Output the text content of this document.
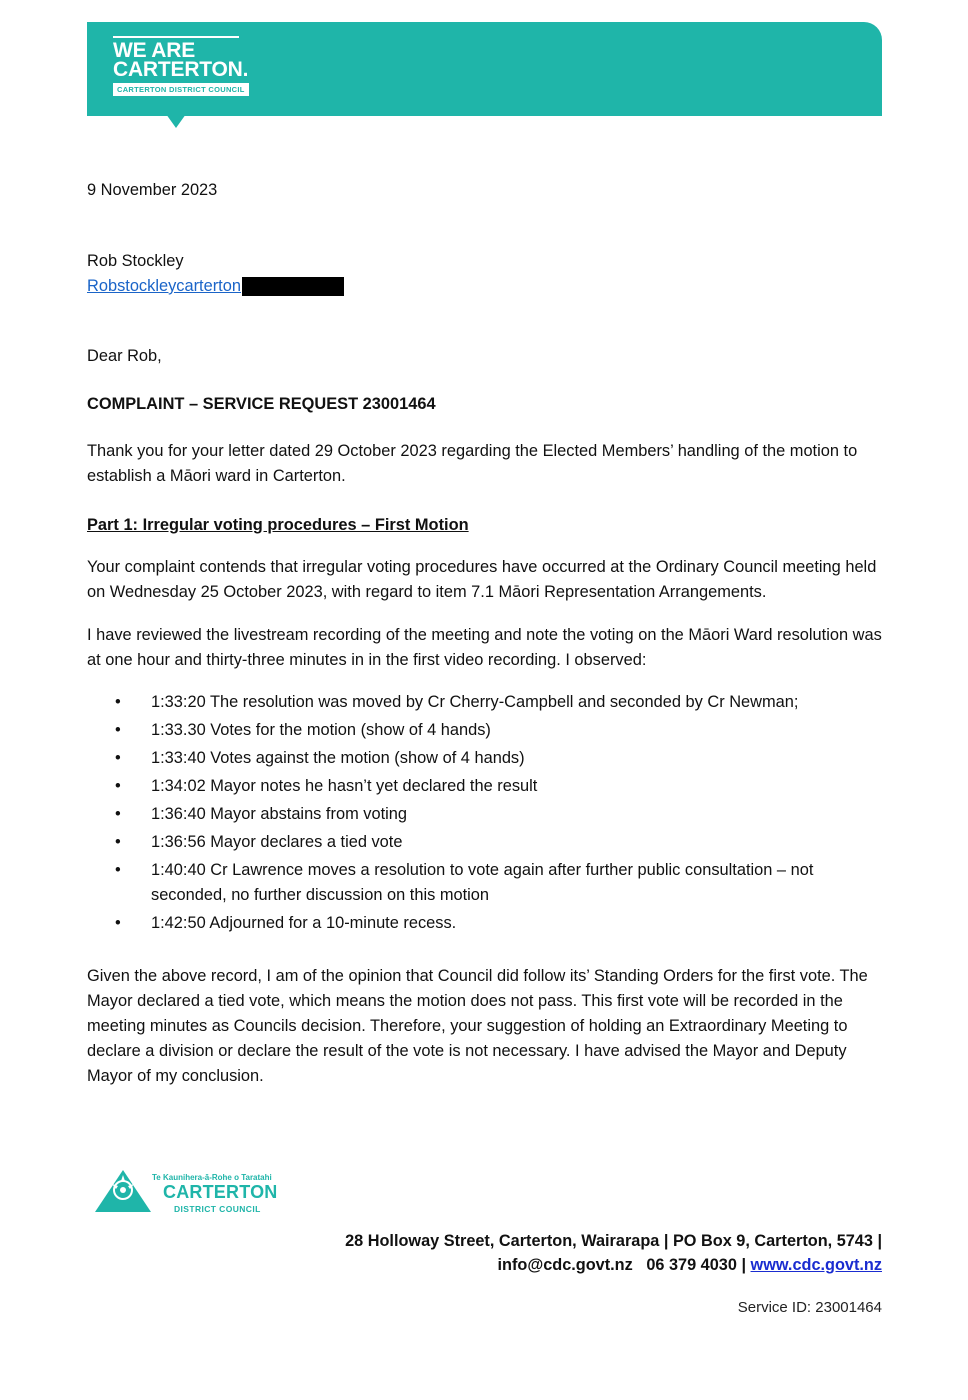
WE ARE
CARTERTON.
CARTERTON DISTRICT COUNCIL

9 November 2023

Rob Stockley

Robstockleycarterton

Dear Rob,

COMPLAINT – SERVICE REQUEST 23001464

Thank you for your letter dated 29 October 2023 regarding the Elected Members’ handling of the motion to establish a Māori ward in Carterton.

Part 1: Irregular voting procedures – First Motion

Your complaint contends that irregular voting procedures have occurred at the Ordinary Council meeting held on Wednesday 25 October 2023, with regard to item 7.1 Māori Representation Arrangements.

I have reviewed the livestream recording of the meeting and note the voting on the Māori Ward resolution was at one hour and thirty-three minutes in in the first video recording. I observed:

• 1:33:20 The resolution was moved by Cr Cherry-Campbell and seconded by Cr Newman;
• 1:33.30 Votes for the motion (show of 4 hands)
• 1:33:40 Votes against the motion (show of 4 hands)
• 1:34:02 Mayor notes he hasn’t yet declared the result
• 1:36:40 Mayor abstains from voting
• 1:36:56 Mayor declares a tied vote
• 1:40:40 Cr Lawrence moves a resolution to vote again after further public consultation – not seconded, no further discussion on this motion
• 1:42:50 Adjourned for a 10-minute recess.

Given the above record, I am of the opinion that Council did follow its’ Standing Orders for the first vote. The Mayor declared a tied vote, which means the motion does not pass. This first vote will be recorded in the meeting minutes as Councils decision. Therefore, your suggestion of holding an Extraordinary Meeting to declare a division or declare the result of the vote is not necessary. I have advised the Mayor and Deputy Mayor of my conclusion.

Te Kaunihera-ā-Rohe o Taratahi
CARTERTON
DISTRICT COUNCIL
28 Holloway Street, Carterton, Wairarapa | PO Box 9, Carterton, 5743 |
info@cdc.govt.nz 06 379 4030 | www.cdc.govt.nz
Service ID: 23001464
